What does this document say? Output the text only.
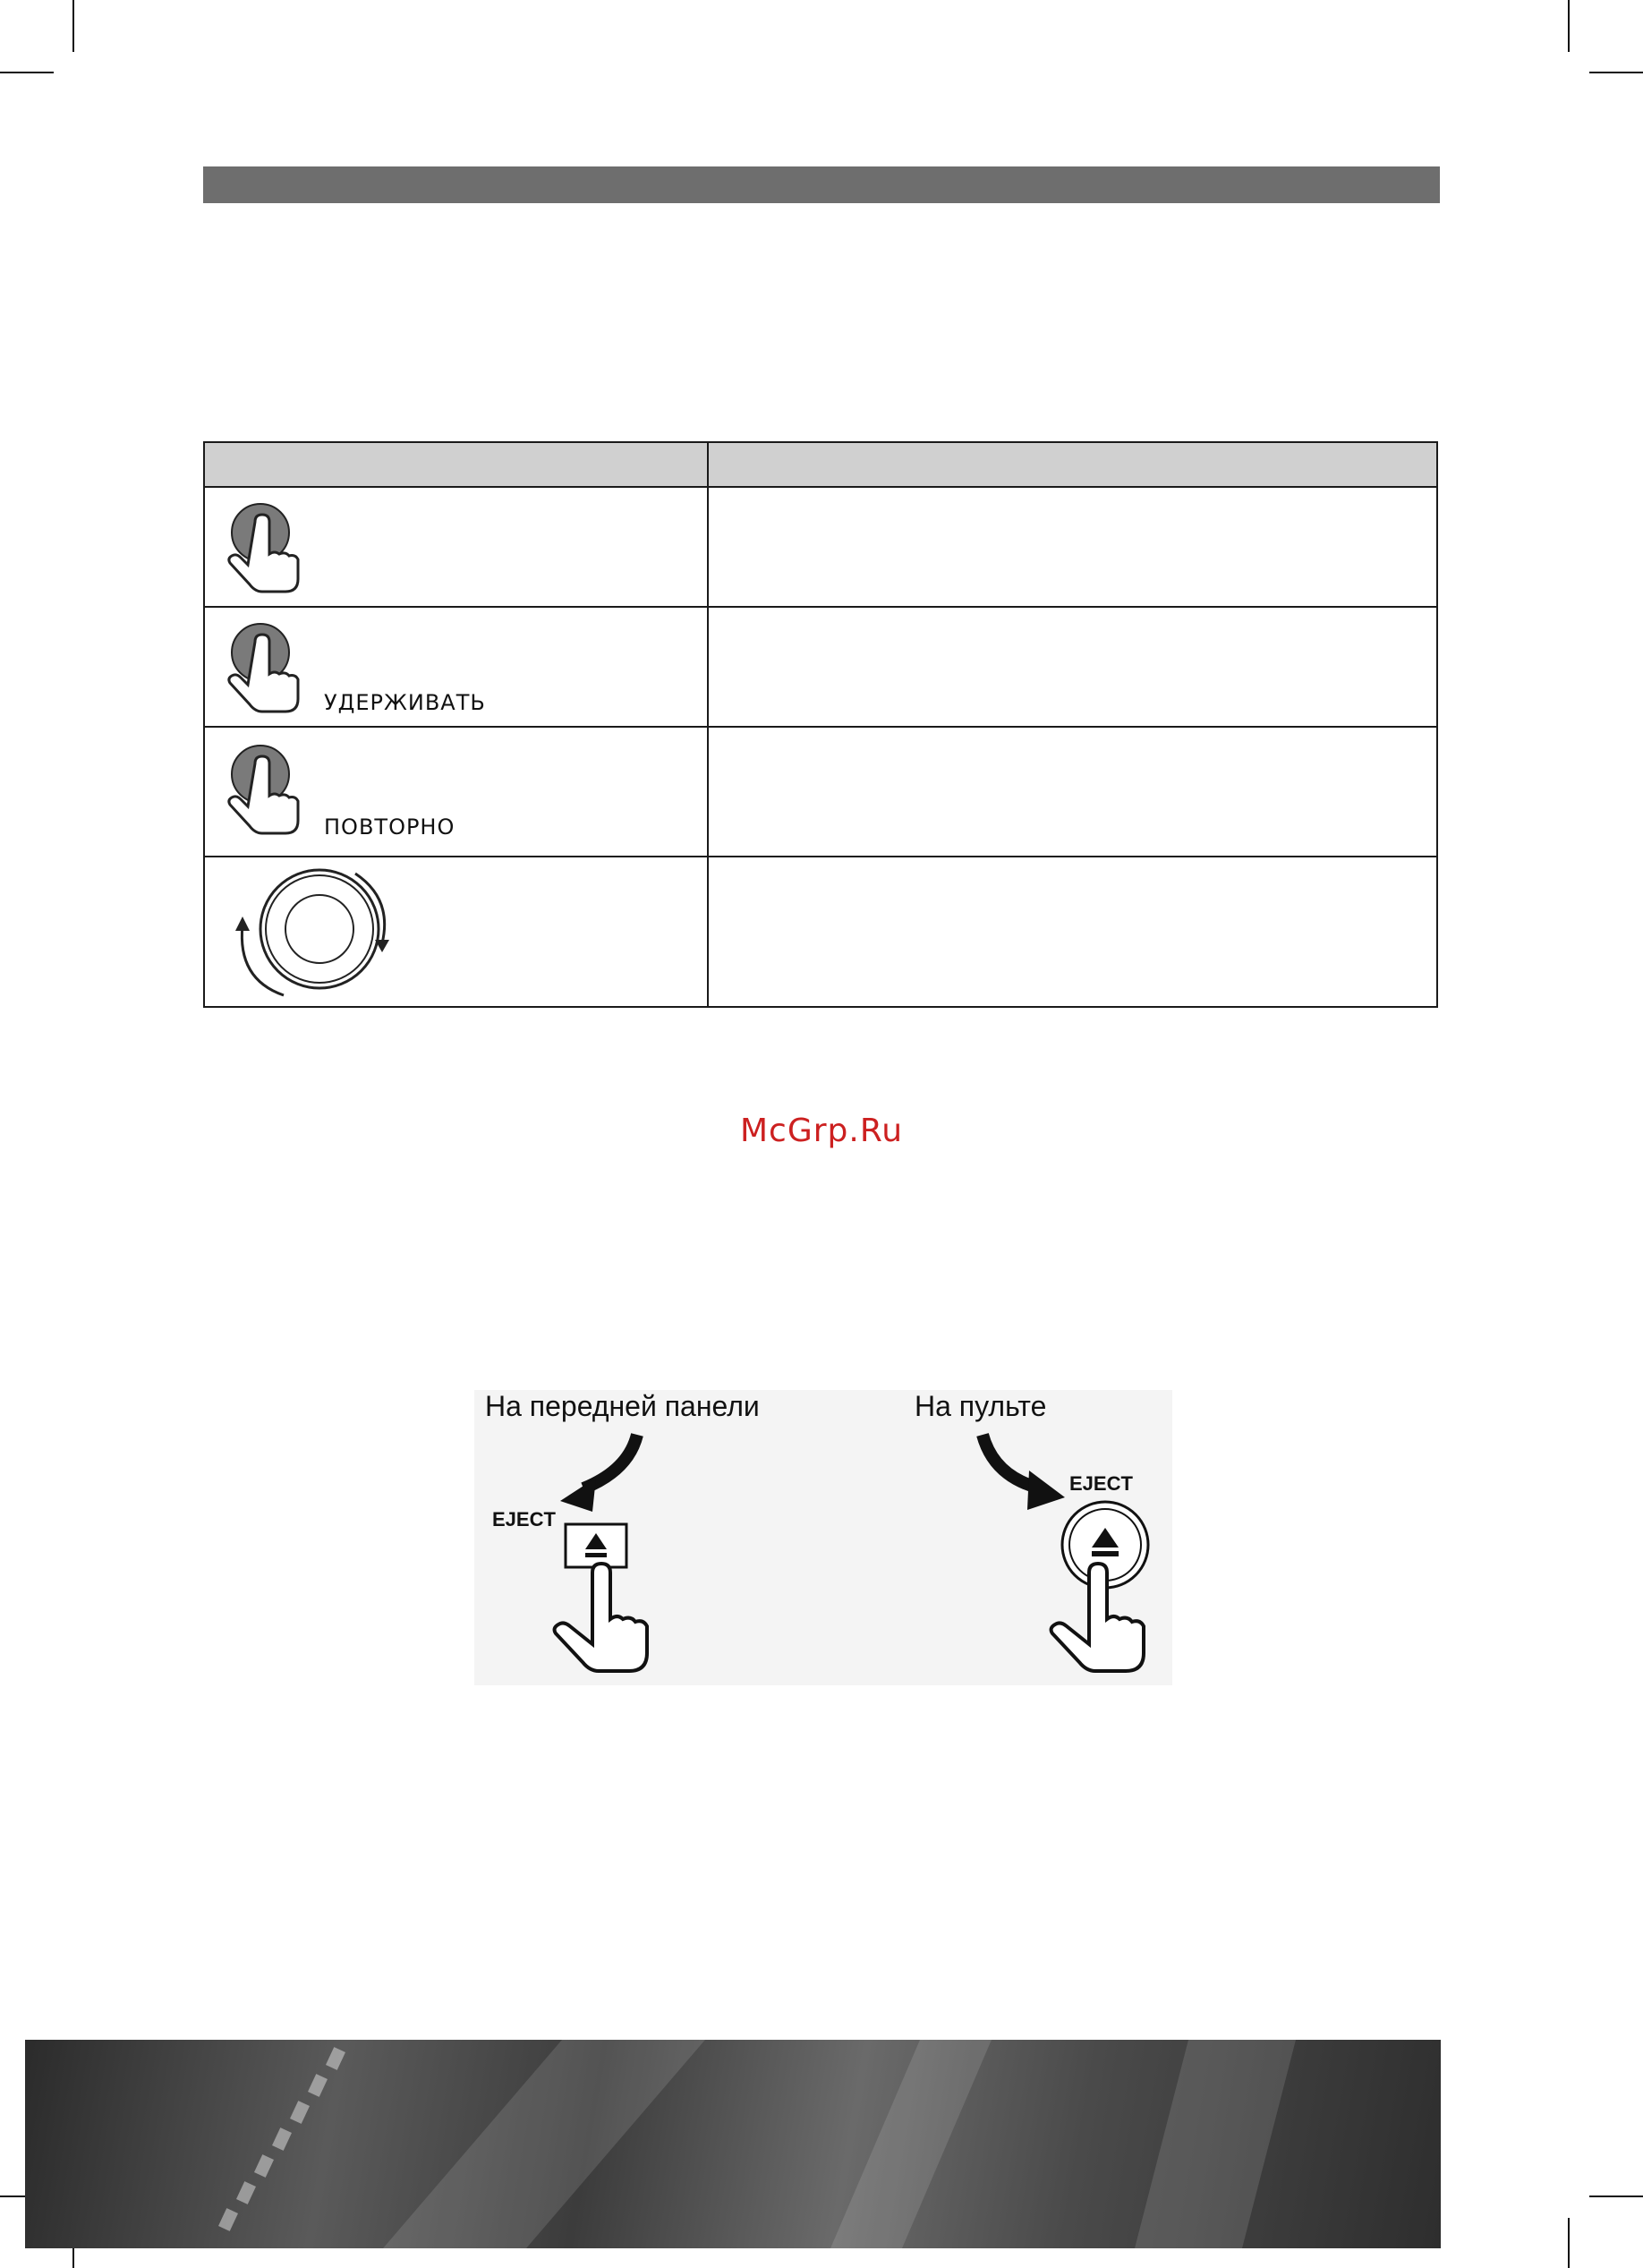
УДЕРЖИВАТЬ	

ПОВТОРНО	

McGrp.Ru
На передней панели	На пульте
EJECT
EJECT
